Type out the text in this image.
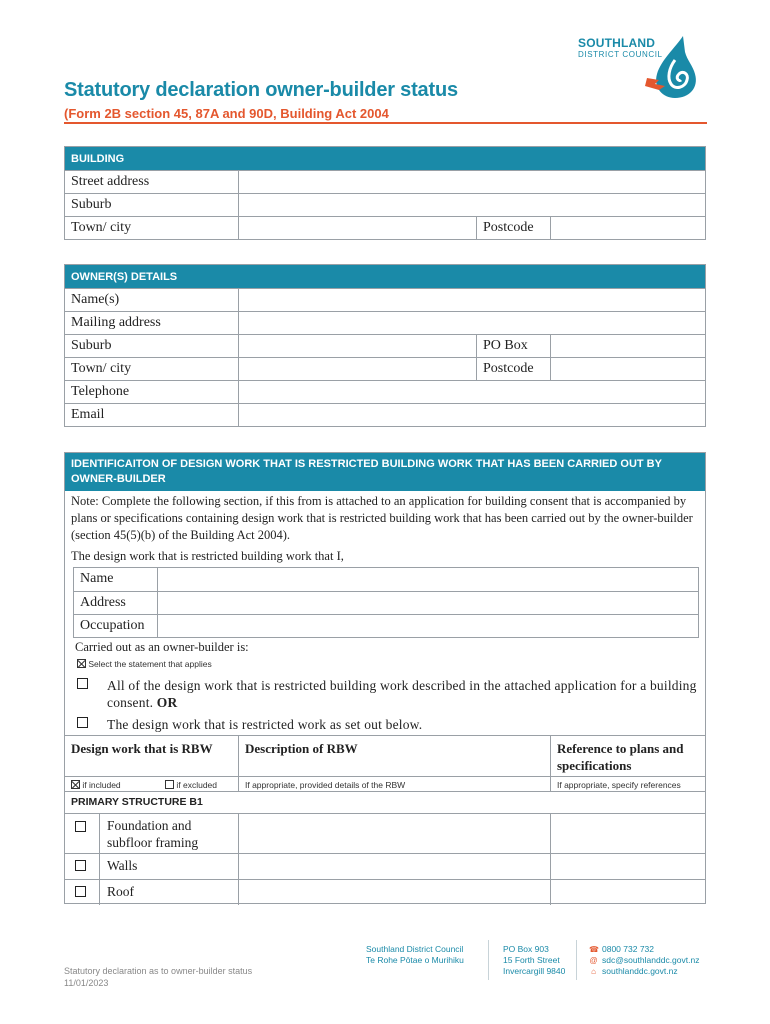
SOUTHLAND
DISTRICT COUNCIL
Statutory declaration owner-builder status
(Form 2B section 45, 87A and 90D, Building Act 2004
BUILDING
Street address
Suburb
Town/ city	Postcode
OWNER(S) DETAILS
Name(s)
Mailing address
Suburb	PO Box
Town/ city	Postcode
Telephone
Email
IDENTIFICAITON OF DESIGN WORK THAT IS RESTRICTED BUILDING WORK THAT HAS BEEN CARRIED OUT BY OWNER-BUILDER
Note: Complete the following section, if this from is attached to an application for building consent that is accompanied by plans or specifications containing design work that is restricted building work that has been carried out by the owner-builder (section 45(5)(b) of the Building Act 2004).
The design work that is restricted building work that I,
Name
Address
Occupation
Carried out as an owner-builder is:
Select the statement that applies
All of the design work that is restricted building work described in the attached application for a building consent. OR
The design work that is restricted work as set out below.
Design work that is RBW	Description of RBW	Reference to plans and specifications
if included	if excluded	If appropriate, provided details of the RBW	If appropriate, specify references
PRIMARY STRUCTURE B1
Foundation and subfloor framing
Walls
Roof
Statutory declaration as to owner-builder status
11/01/2023
Southland District Council
Te Rohe Pōtae o Murihiku
PO Box 903
15 Forth Street
Invercargill 9840
☎ 0800 732 732
@ sdc@southlanddc.govt.nz
⌂ southlanddc.govt.nz
